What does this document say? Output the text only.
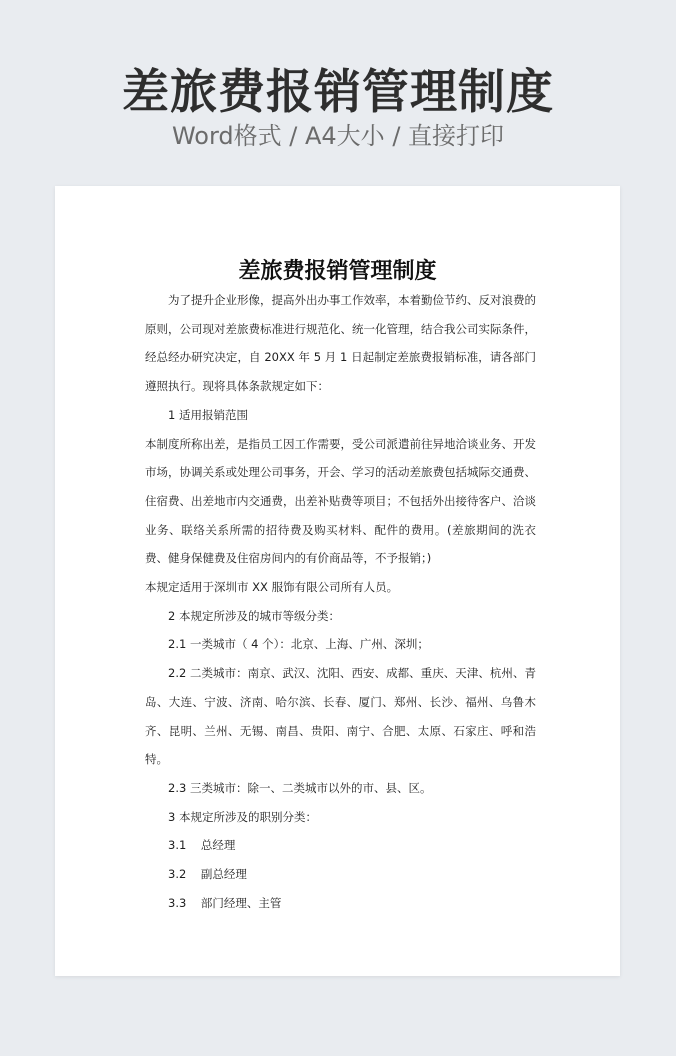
差旅费报销管理制度
Word格式 / A4大小 / 直接打印
差旅费报销管理制度

为了提升企业形像，提高外出办事工作效率，本着勤俭节约、反对浪费的原则，公司现对差旅费标准进行规范化、统一化管理，结合我公司实际条件，经总经办研究决定，自 20XX 年 5 月 1 日起制定差旅费报销标准，请各部门遵照执行。现将具体条款规定如下：

1 适用报销范围

本制度所称出差，是指员工因工作需要，受公司派遣前往异地洽谈业务、开发市场，协调关系或处理公司事务，开会、学习的活动差旅费包括城际交通费、住宿费、出差地市内交通费，出差补贴费等项目；不包括外出接待客户、洽谈业务、联络关系所需的招待费及购买材料、配件的费用。(差旅期间的洗衣费、健身保健费及住宿房间内的有价商品等，不予报销；)

本规定适用于深圳市 XX 服饰有限公司所有人员。

2 本规定所涉及的城市等级分类：

2.1 一类城市（ 4 个）：北京、上海、广州、深圳；

2.2 二类城市：南京、武汉、沈阳、西安、成都、重庆、天津、杭州、青岛、大连、宁波、济南、哈尔滨、长春、厦门、郑州、长沙、福州、乌鲁木齐、昆明、兰州、无锡、南昌、贵阳、南宁、合肥、太原、石家庄、呼和浩特。

2.3 三类城市：除一、二类城市以外的市、县、区。

3 本规定所涉及的职别分类：

3.1    总经理

3.2    副总经理

3.3    部门经理、主管
